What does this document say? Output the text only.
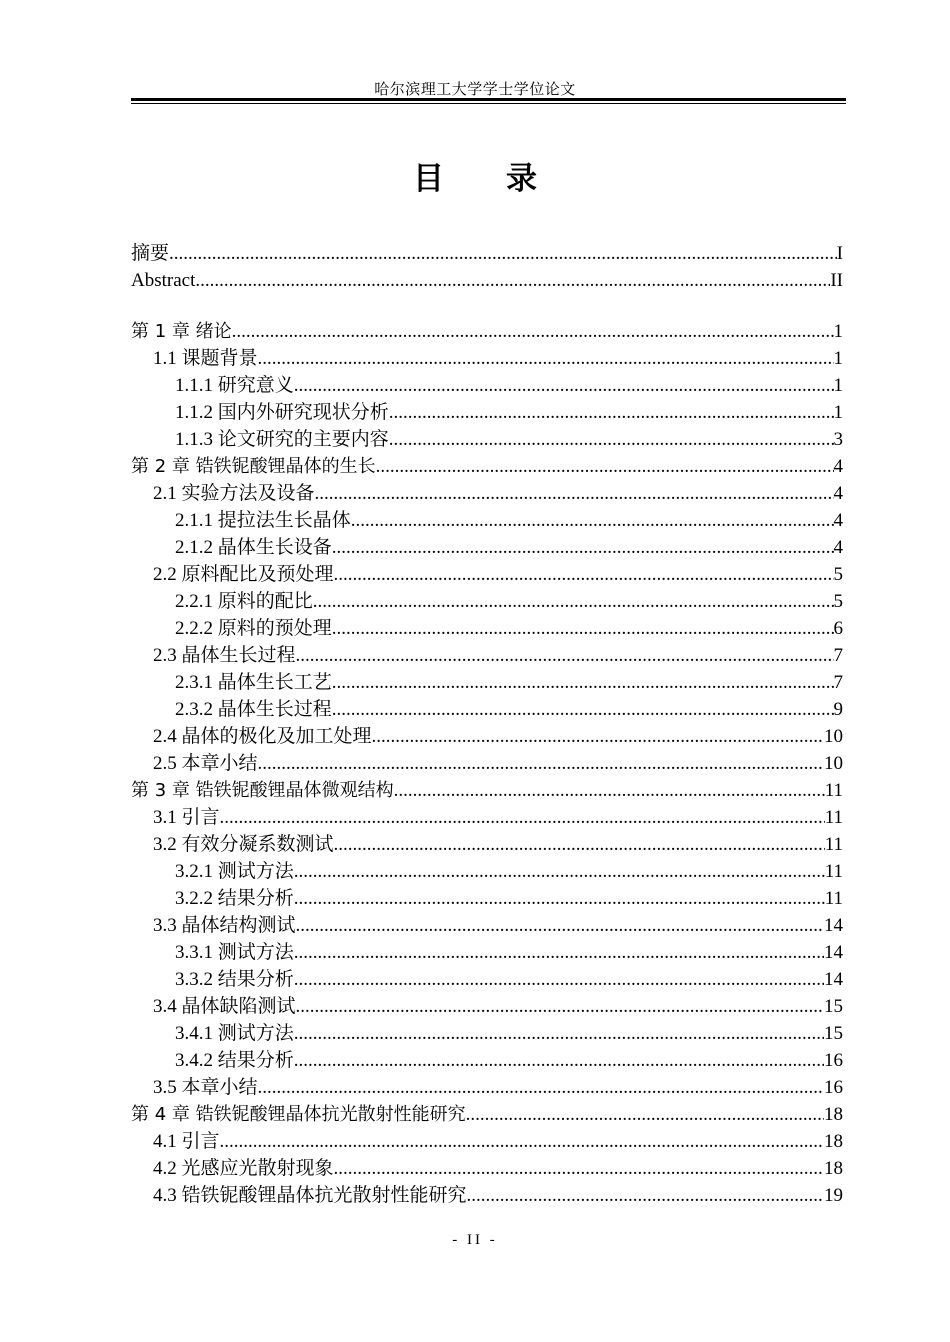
哈尔滨理工大学学士学位论文
目录
摘要 .....	I
Abstract .....	II
第 1 章 绪论 .....	1
1.1 课题背景 .....	1
1.1.1 研究意义 .....	1
1.1.2 国内外研究现状分析 .....	1
1.1.3 论文研究的主要内容 .....	3
第 2 章 锆铁铌酸锂晶体的生长 .....	4
2.1 实验方法及设备 .....	4
2.1.1 提拉法生长晶体 .....	4
2.1.2 晶体生长设备 .....	4
2.2 原料配比及预处理 .....	5
2.2.1 原料的配比 .....	5
2.2.2 原料的预处理 .....	6
2.3 晶体生长过程 .....	7
2.3.1 晶体生长工艺 .....	7
2.3.2 晶体生长过程 .....	9
2.4 晶体的极化及加工处理 .....	10
2.5 本章小结 .....	10
第 3 章 锆铁铌酸锂晶体微观结构 .....	11
3.1 引言 .....	11
3.2 有效分凝系数测试 .....	11
3.2.1 测试方法 .....	11
3.2.2 结果分析 .....	11
3.3 晶体结构测试 .....	14
3.3.1 测试方法 .....	14
3.3.2 结果分析 .....	14
3.4 晶体缺陷测试 .....	15
3.4.1 测试方法 .....	15
3.4.2 结果分析 .....	16
3.5 本章小结 .....	16
第 4 章 锆铁铌酸锂晶体抗光散射性能研究 .....	18
4.1 引言 .....	18
4.2 光感应光散射现象 .....	18
4.3 锆铁铌酸锂晶体抗光散射性能研究 .....	19
- II -
